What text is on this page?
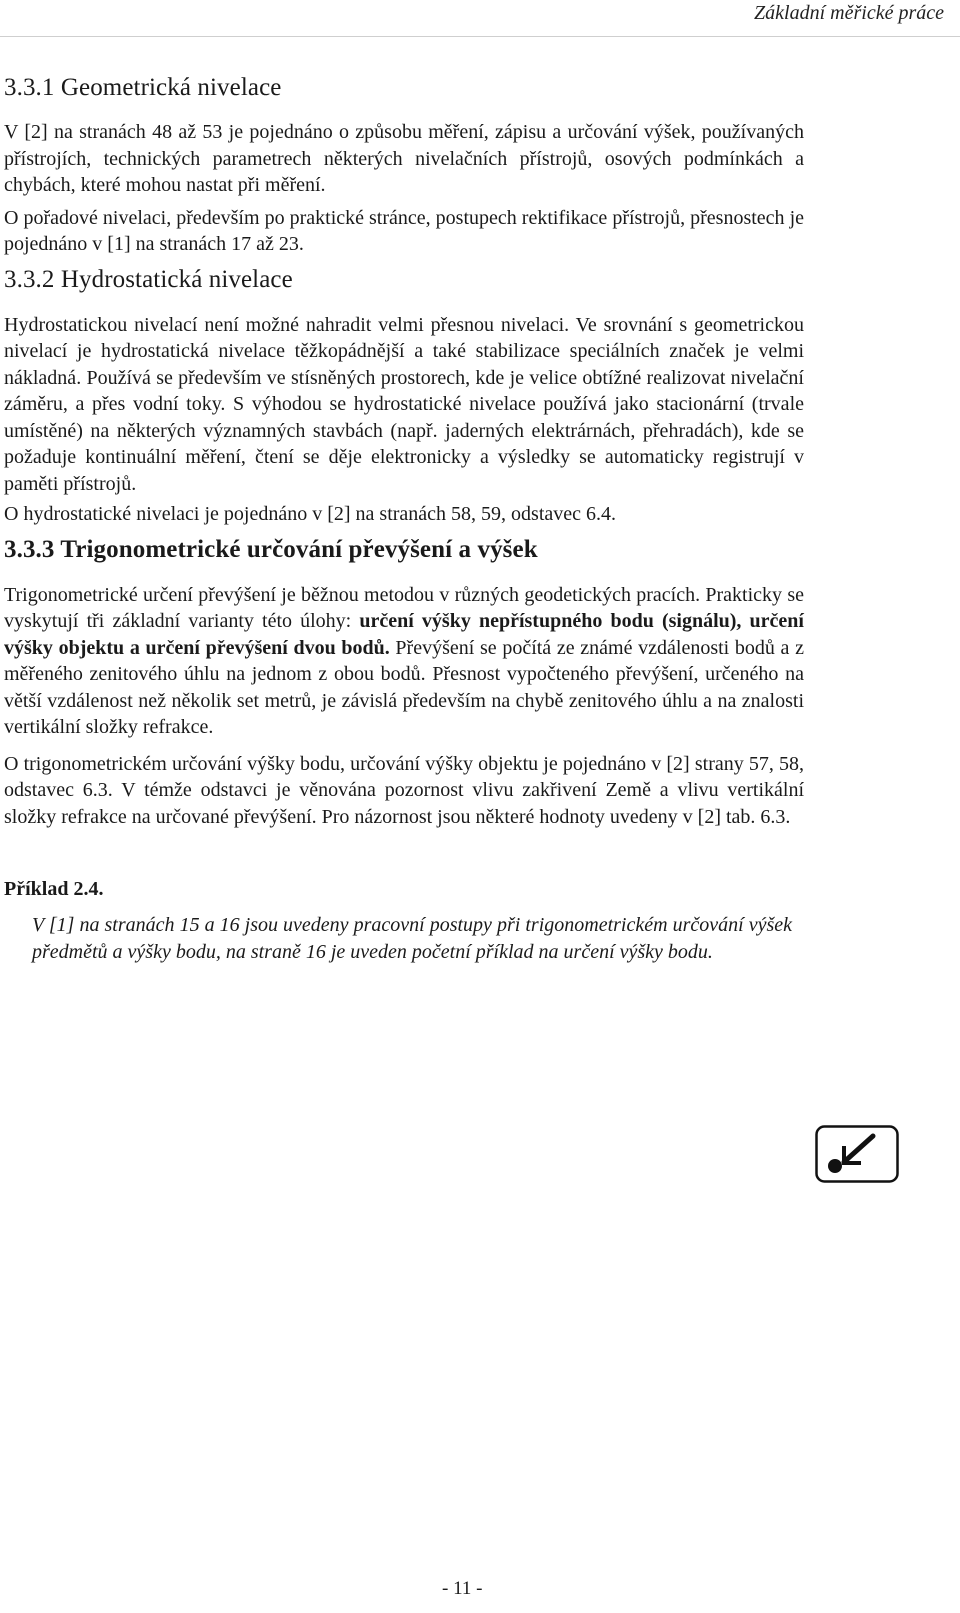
Základní měřické práce
3.3.1 Geometrická nivelace

V [2] na stranách 48 až 53 je pojednáno o způsobu měření, zápisu a určování výšek, používaných přístrojích, technických parametrech některých nivelačních přístrojů, osových podmínkách a chybách, které mohou nastat při měření.

O pořadové nivelaci, především po praktické stránce, postupech rektifikace přístrojů, přesnostech je pojednáno v [1] na stranách 17 až 23.

3.3.2 Hydrostatická nivelace

Hydrostatickou nivelací není možné nahradit velmi přesnou nivelaci. Ve srovnání s geometrickou nivelací je hydrostatická nivelace těžkopádnější a také stabilizace speciálních značek je velmi nákladná. Používá se především ve stísněných prostorech, kde je velice obtížné realizovat nivelační záměru, a přes vodní toky. S výhodou se hydrostatické nivelace používá jako stacionární (trvale umístěné) na některých významných stavbách (např. jaderných elektrárnách, přehradách), kde se požaduje kontinuální měření, čtení se děje elektronicky a výsledky se automaticky registrují v paměti přístrojů.

O hydrostatické nivelaci je pojednáno v [2] na stranách 58, 59, odstavec 6.4.

3.3.3 Trigonometrické určování převýšení a výšek

Trigonometrické určení převýšení je běžnou metodou v různých geodetických pracích. Prakticky se vyskytují tři základní varianty této úlohy: určení výšky nepřístupného bodu (signálu), určení výšky objektu a určení převýšení dvou bodů. Převýšení se počítá ze známé vzdálenosti bodů a z měřeného zenitového úhlu na jednom z obou bodů. Přesnost vypočteného převýšení, určeného na větší vzdálenost než několik set metrů, je závislá především na chybě zenitového úhlu a na znalosti vertikální složky refrakce.

O trigonometrickém určování výšky bodu, určování výšky objektu je pojednáno v [2] strany 57, 58, odstavec 6.3. V témže odstavci je věnována pozornost vlivu zakřivení Země a vlivu vertikální složky refrakce na určované převýšení. Pro názornost jsou některé hodnoty uvedeny v [2] tab. 6.3.

Příklad 2.4.
V [1] na stranách 15 a 16 jsou uvedeny pracovní postupy při trigonometrickém určování výšek předmětů a výšky bodu, na straně 16 je uveden početní příklad na určení výšky bodu.
- 11 -
